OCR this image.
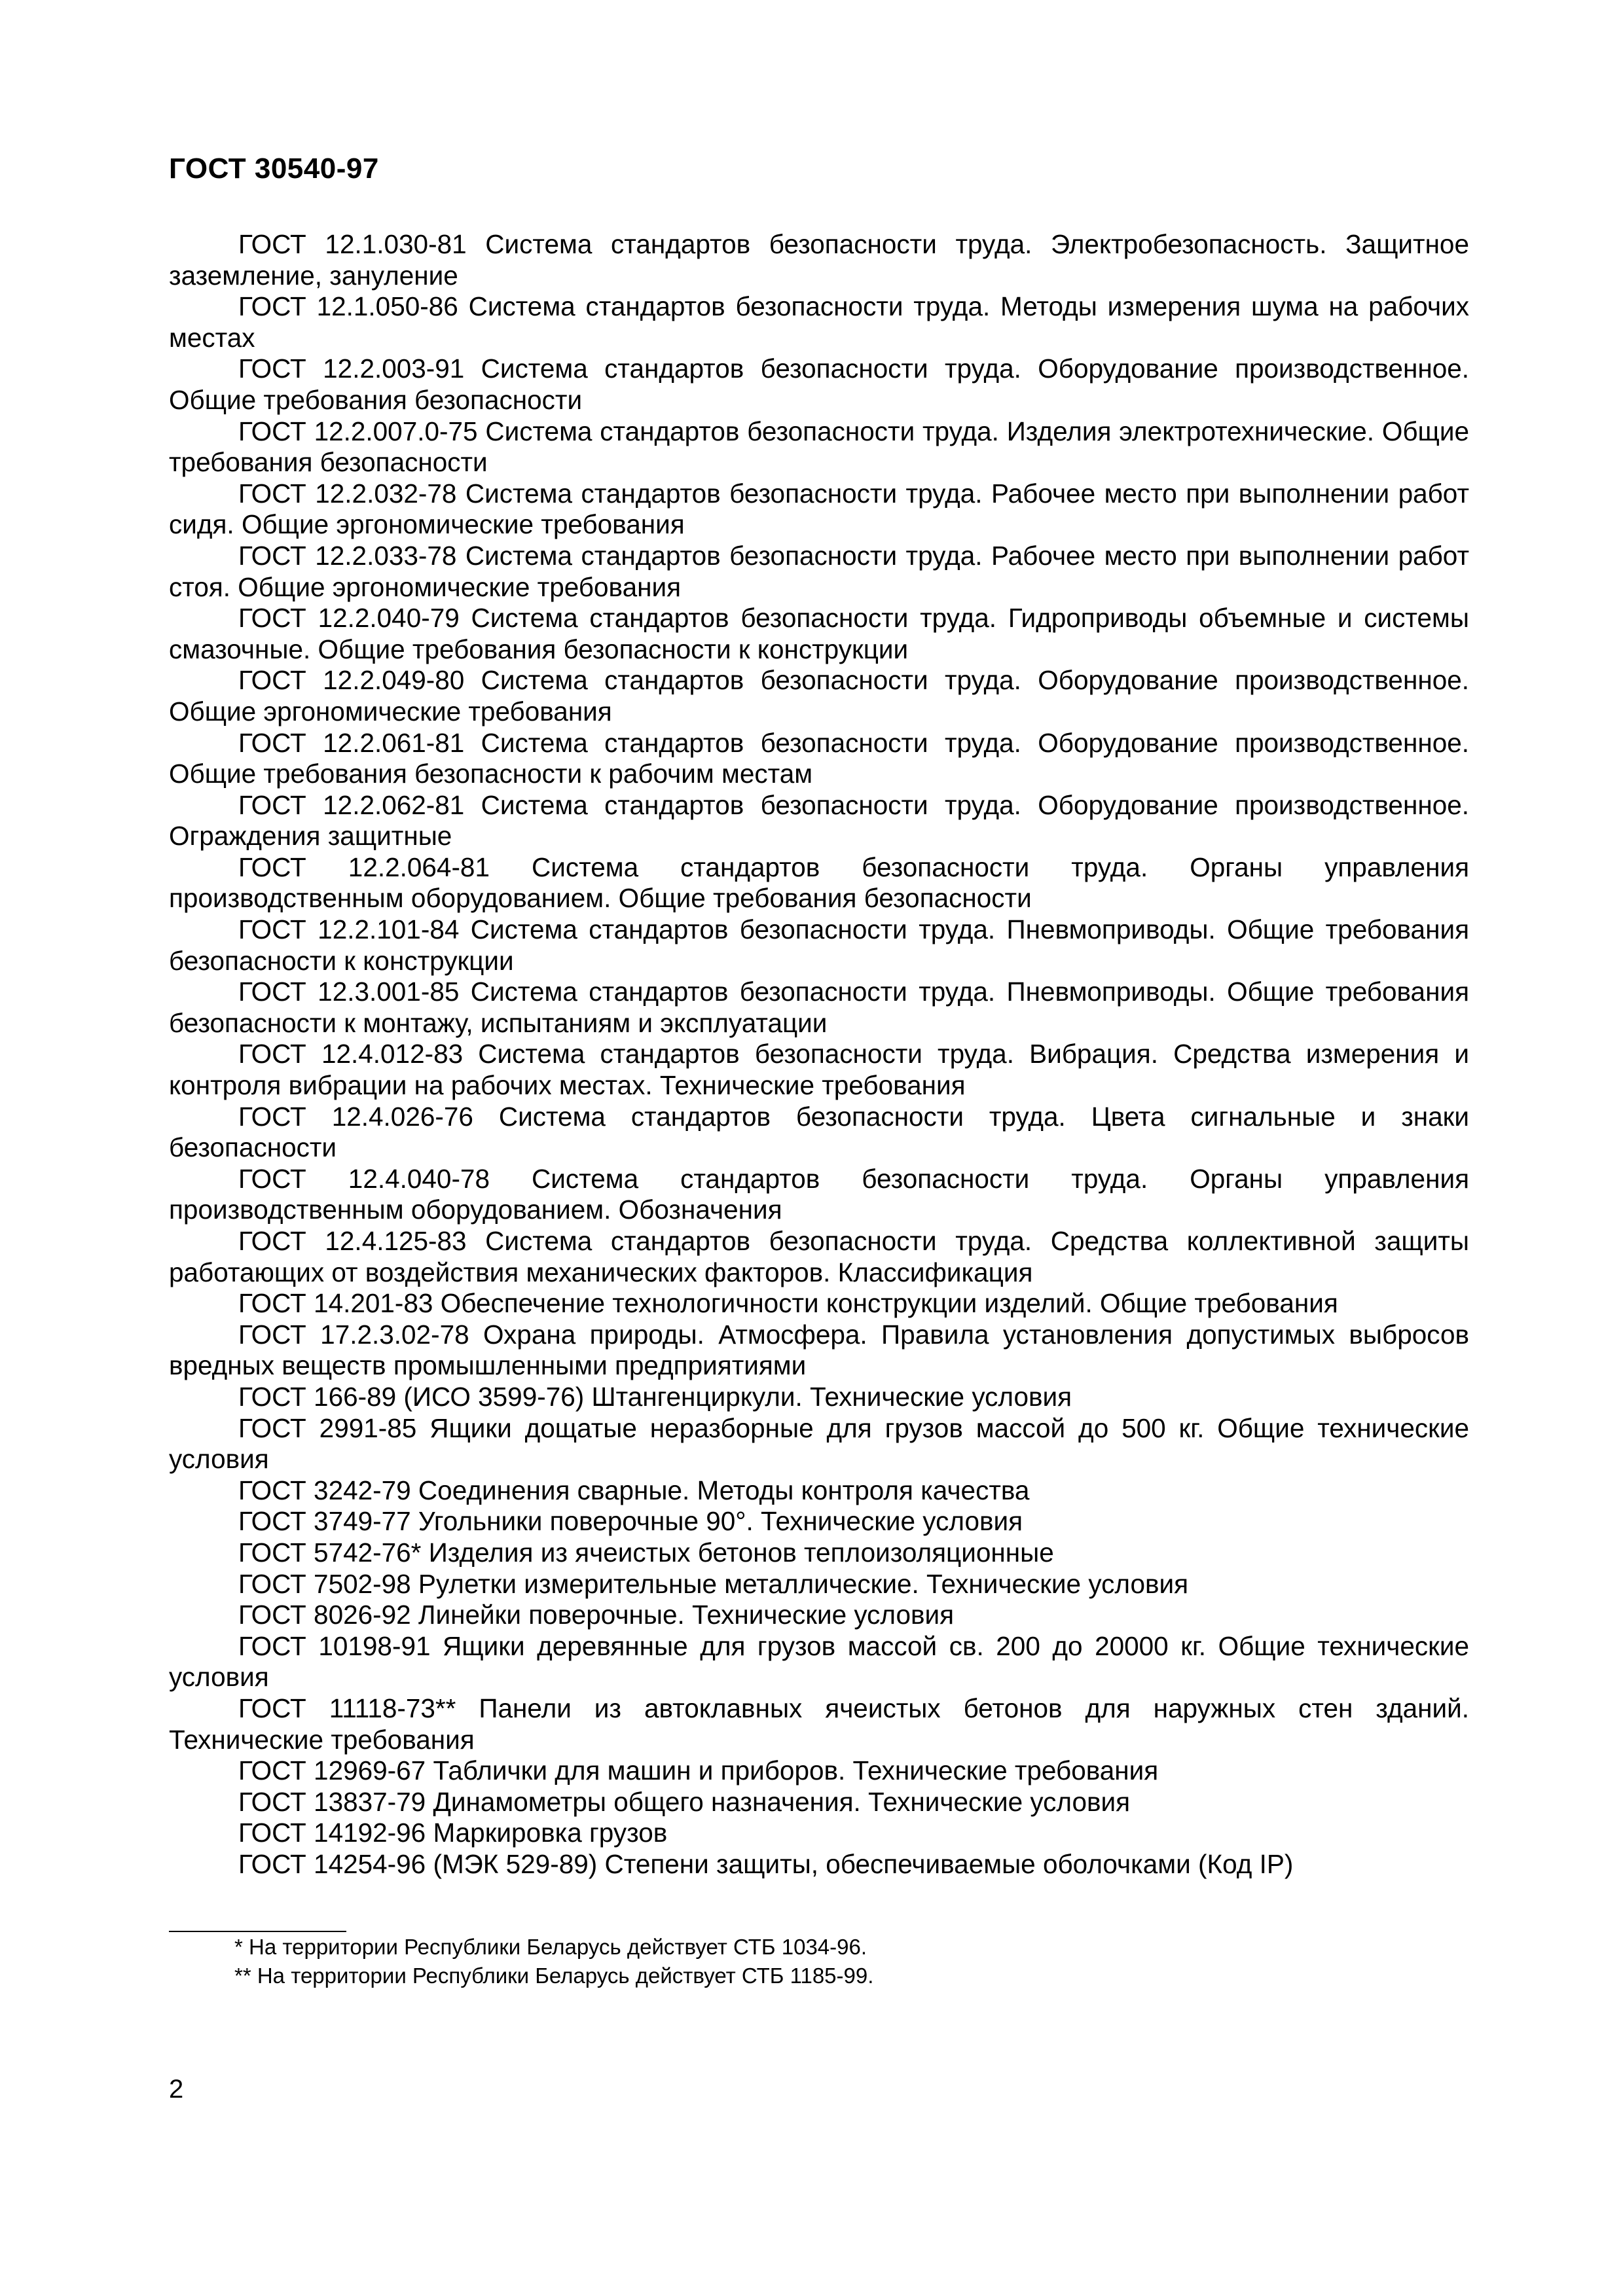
ГОСТ 30540-97

ГОСТ 12.1.030-81 Система стандартов безопасности труда. Электробезопасность. Защитное заземление, зануление

ГОСТ 12.1.050-86 Система стандартов безопасности труда. Методы измерения шума на рабочих местах

ГОСТ 12.2.003-91 Система стандартов безопасности труда. Оборудование производственное. Общие требования безопасности

ГОСТ 12.2.007.0-75 Система стандартов безопасности труда. Изделия электротехнические. Общие требования безопасности

ГОСТ 12.2.032-78 Система стандартов безопасности труда. Рабочее место при выполнении работ сидя. Общие эргономические требования

ГОСТ 12.2.033-78 Система стандартов безопасности труда. Рабочее место при выполнении работ стоя. Общие эргономические требования

ГОСТ 12.2.040-79 Система стандартов безопасности труда. Гидроприводы объемные и системы смазочные. Общие требования безопасности к конструкции

ГОСТ 12.2.049-80 Система стандартов безопасности труда. Оборудование производственное. Общие эргономические требования

ГОСТ 12.2.061-81 Система стандартов безопасности труда. Оборудование производственное. Общие требования безопасности к рабочим местам

ГОСТ 12.2.062-81 Система стандартов безопасности труда. Оборудование производственное. Ограждения защитные

ГОСТ 12.2.064-81 Система стандартов безопасности труда. Органы управления производственным оборудованием. Общие требования безопасности

ГОСТ 12.2.101-84 Система стандартов безопасности труда. Пневмоприводы. Общие требования безопасности к конструкции

ГОСТ 12.3.001-85 Система стандартов безопасности труда. Пневмоприводы. Общие требования безопасности к монтажу, испытаниям и эксплуатации

ГОСТ 12.4.012-83 Система стандартов безопасности труда. Вибрация. Средства измерения и контроля вибрации на рабочих местах. Технические требования

ГОСТ 12.4.026-76 Система стандартов безопасности труда. Цвета сигнальные и знаки безопасности

ГОСТ 12.4.040-78 Система стандартов безопасности труда. Органы управления производственным оборудованием. Обозначения

ГОСТ 12.4.125-83 Система стандартов безопасности труда. Средства коллективной защиты работающих от воздействия механических факторов. Классификация

ГОСТ 14.201-83 Обеспечение технологичности конструкции изделий. Общие требования

ГОСТ 17.2.3.02-78 Охрана природы. Атмосфера. Правила установления допустимых выбросов вредных веществ промышленными предприятиями

ГОСТ 166-89 (ИСО 3599-76) Штангенциркули. Технические условия

ГОСТ 2991-85 Ящики дощатые неразборные для грузов массой до 500 кг. Общие технические условия

ГОСТ 3242-79 Соединения сварные. Методы контроля качества

ГОСТ 3749-77 Угольники поверочные 90°. Технические условия

ГОСТ 5742-76* Изделия из ячеистых бетонов теплоизоляционные

ГОСТ 7502-98 Рулетки измерительные металлические. Технические условия

ГОСТ 8026-92 Линейки поверочные. Технические условия

ГОСТ 10198-91 Ящики деревянные для грузов массой св. 200 до 20000 кг. Общие технические условия

ГОСТ 11118-73** Панели из автоклавных ячеистых бетонов для наружных стен зданий. Технические требования

ГОСТ 12969-67 Таблички для машин и приборов. Технические требования

ГОСТ 13837-79 Динамометры общего назначения. Технические условия

ГОСТ 14192-96 Маркировка грузов

ГОСТ 14254-96 (МЭК 529-89) Степени защиты, обеспечиваемые оболочками (Код IP)

* На территории Республики Беларусь действует СТБ 1034-96.

** На территории Республики Беларусь действует СТБ 1185-99.

2
